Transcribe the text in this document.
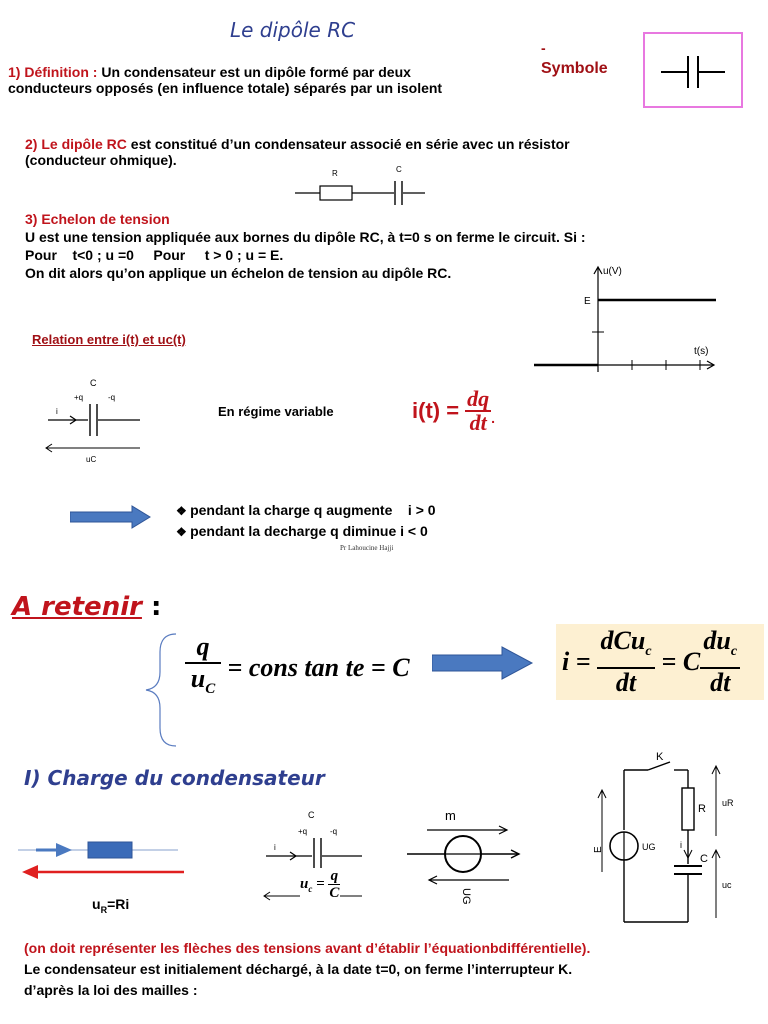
Le dipôle RC
1) Définition : Un condensateur est un dipôle formé par deux
conducteurs opposés (en influence totale) séparés par un isolent
-
Symbole
2) Le dipôle RC est constitué d’un condensateur associé en série avec un résistor
(conducteur ohmique).
R	C
3) Echelon de tension
U est une tension appliquée aux bornes du dipôle RC, à t=0 s on ferme le circuit. Si :
Pour    t<0 ; u =0     Pour     t > 0 ; u = E.
On dit alors qu’on applique un échelon de tension au dipôle RC.	u(V)
t(s)
E
Relation entre i(t) et uc(t)
C
+q	-q
i
uC
En régime variable	i(t) = dq
dt .
❖ pendant la charge q augmente    i > 0
❖ pendant la decharge q diminue i < 0
Pr Lahoucine Hajji
A retenir :
q
$u_C$
= cons tan te = C	i =
dCu$_c$
dt
= C
$du_c$
dt
I) Charge du condensateur
$u_R=Ri$
C
+q	-q
i
$u_c = q$
C
m
UG
K
R
C
E	UG	i
uR
uc
(on doit représenter les flèches des tensions avant d’établir l’équationbdifférentielle).
Le condensateur est initialement déchargé, à la date t=0, on ferme l’interrupteur K.
d’après la loi des mailles :
